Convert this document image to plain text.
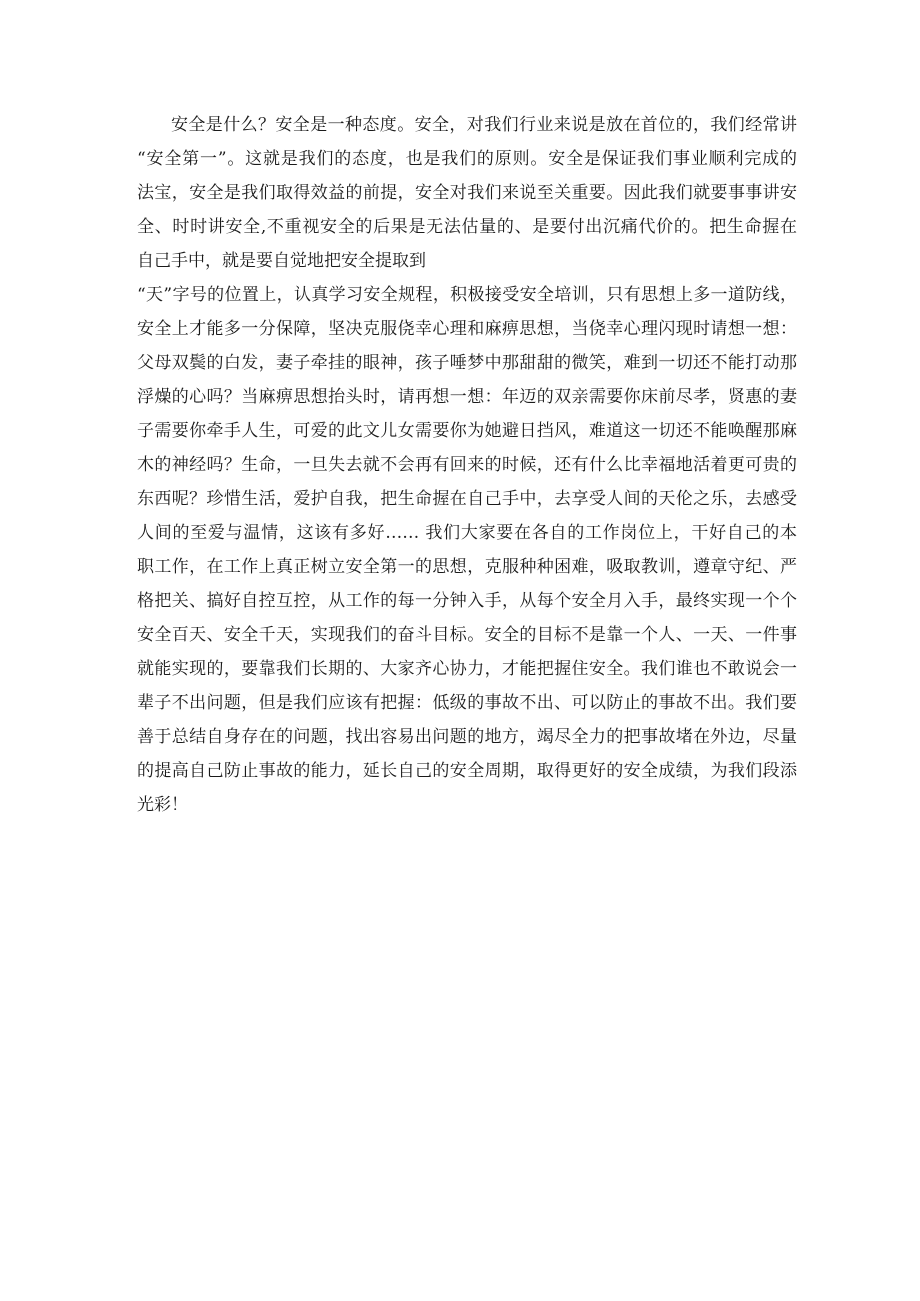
安全是什么？安全是一种态度。安全，对我们行业来说是放在首位的，我们经常讲
“安全第一”。这就是我们的态度，也是我们的原则。安全是保证我们事业顺利完成的
法宝，安全是我们取得效益的前提，安全对我们来说至关重要。因此我们就要事事讲安
全、时时讲安全,不重视安全的后果是无法估量的、是要付出沉痛代价的。把生命握在
自己手中，就是要自觉地把安全提取到
“天”字号的位置上，认真学习安全规程，积极接受安全培训，只有思想上多一道防线，
安全上才能多一分保障，坚决克服侥幸心理和麻痹思想，当侥幸心理闪现时请想一想：
父母双鬓的白发，妻子牵挂的眼神，孩子唾梦中那甜甜的微笑，难到一切还不能打动那
浮燥的心吗？当麻痹思想抬头时，请再想一想：年迈的双亲需要你床前尽孝，贤惠的妻
子需要你牵手人生，可爱的此文儿女需要你为她避日挡风，难道这一切还不能唤醒那麻
木的神经吗？生命，一旦失去就不会再有回来的时候，还有什么比幸福地活着更可贵的
东西呢？珍惜生活，爱护自我，把生命握在自己手中，去享受人间的天伦之乐，去感受
人间的至爱与温情，这该有多好…… 我们大家要在各自的工作岗位上，干好自己的本
职工作，在工作上真正树立安全第一的思想，克服种种困难，吸取教训，遵章守纪、严
格把关、搞好自控互控，从工作的每一分钟入手，从每个安全月入手，最终实现一个个
安全百天、安全千天，实现我们的奋斗目标。安全的目标不是靠一个人、一天、一件事
就能实现的，要靠我们长期的、大家齐心协力，才能把握住安全。我们谁也不敢说会一
辈子不出问题，但是我们应该有把握：低级的事故不出、可以防止的事故不出。我们要
善于总结自身存在的问题，找出容易出问题的地方，竭尽全力的把事故堵在外边，尽量
的提高自己防止事故的能力，延长自己的安全周期，取得更好的安全成绩，为我们段添
光彩！
